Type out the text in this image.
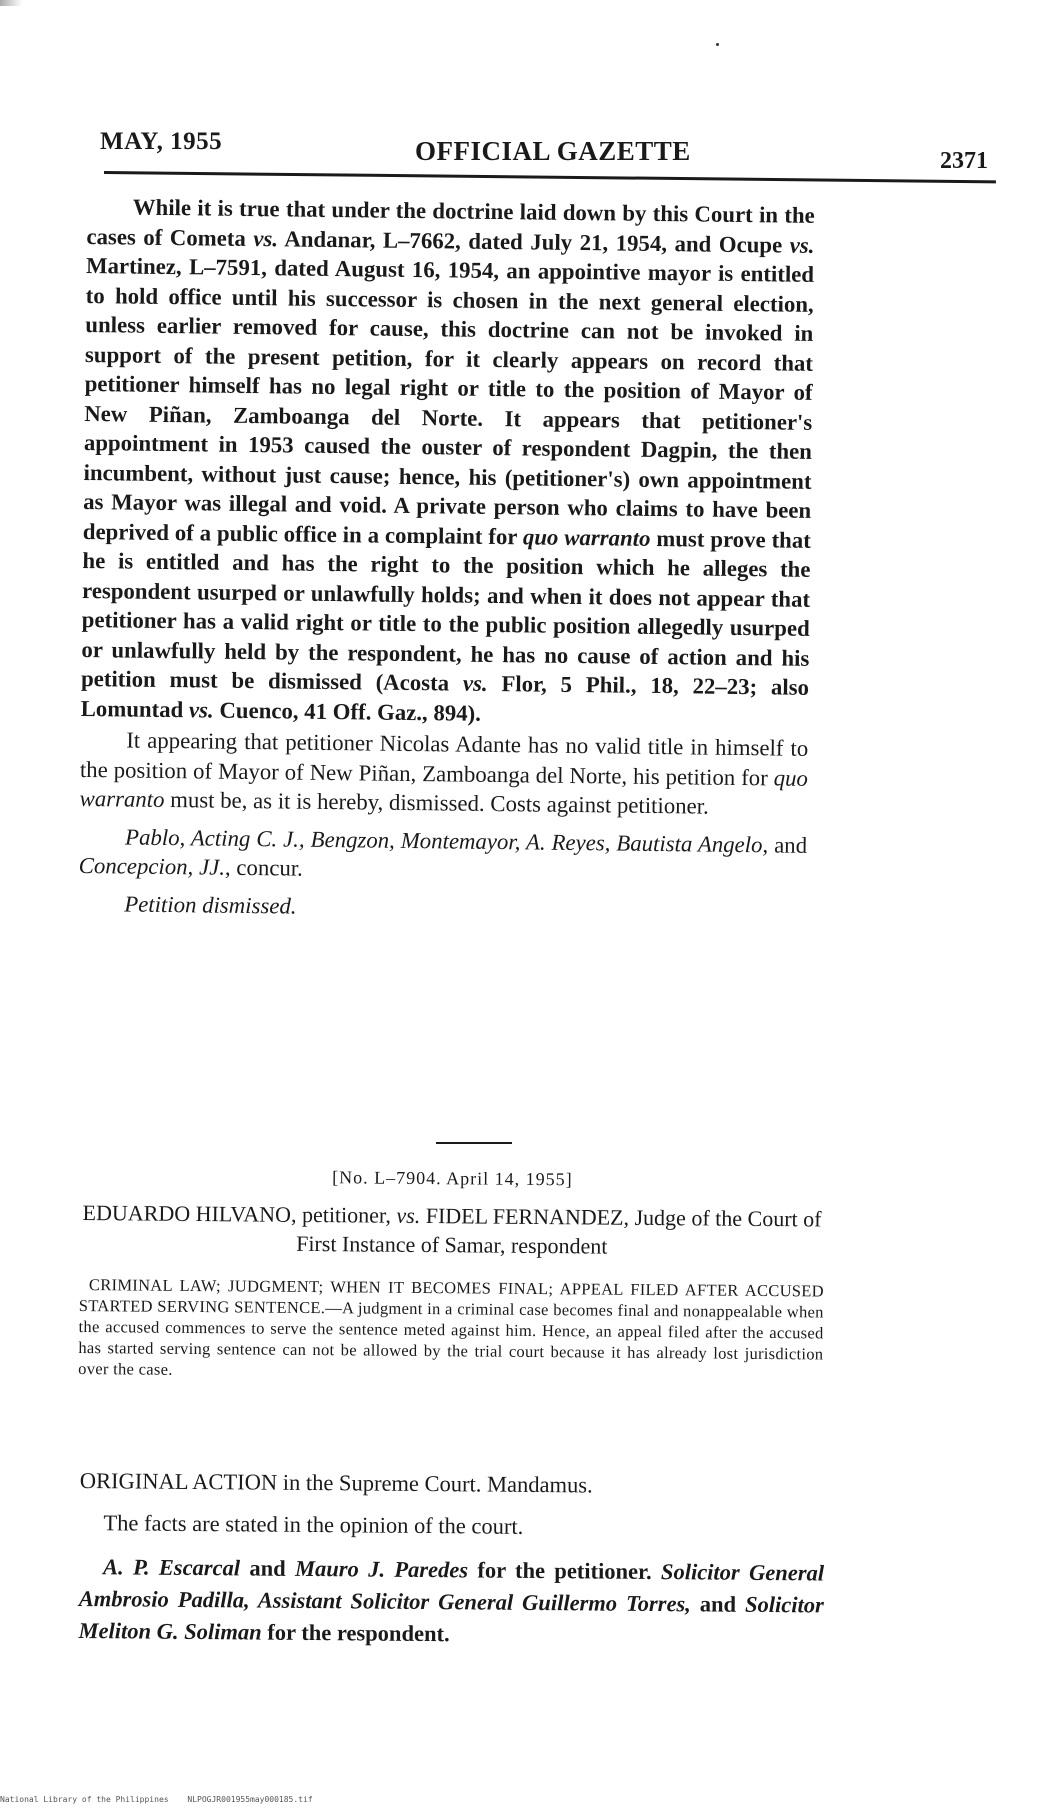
MAY, 1955	OFFICIAL GAZETTE	2371

While it is true that under the doctrine laid down by this Court in the cases of Cometa vs. Andanar, L–7662, dated July 21, 1954, and Ocupe vs. Martinez, L–7591, dated August 16, 1954, an appointive mayor is entitled to hold office until his successor is chosen in the next general election, unless earlier removed for cause, this doctrine can not be invoked in support of the present petition, for it clearly appears on record that petitioner himself has no legal right or title to the position of Mayor of New Piñan, Zamboanga del Norte. It appears that petitioner's appointment in 1953 caused the ouster of respondent Dagpin, the then incumbent, without just cause; hence, his (petitioner's) own appointment as Mayor was illegal and void. A private person who claims to have been deprived of a public office in a complaint for quo warranto must prove that he is entitled and has the right to the position which he alleges the respondent usurped or unlawfully holds; and when it does not appear that petitioner has a valid right or title to the public position allegedly usurped or unlawfully held by the respondent, he has no cause of action and his petition must be dismissed (Acosta vs. Flor, 5 Phil., 18, 22–23; also Lomuntad vs. Cuenco, 41 Off. Gaz., 894).

It appearing that petitioner Nicolas Adante has no valid title in himself to the position of Mayor of New Piñan, Zamboanga del Norte, his petition for quo warranto must be, as it is hereby, dismissed. Costs against petitioner.

Pablo, Acting C. J., Bengzon, Montemayor, A. Reyes, Bautista Angelo, and Concepcion, JJ., concur.

Petition dismissed.

[No. L–7904. April 14, 1955]

EDUARDO HILVANO, petitioner, vs. FIDEL FERNANDEZ, Judge of the Court of First Instance of Samar, respondent

CRIMINAL LAW; JUDGMENT; WHEN IT BECOMES FINAL; APPEAL FILED AFTER ACCUSED STARTED SERVING SENTENCE.—A judgment in a criminal case becomes final and nonappealable when the accused commences to serve the sentence meted against him. Hence, an appeal filed after the accused has started serving sentence can not be allowed by the trial court because it has already lost jurisdiction over the case.

ORIGINAL ACTION in the Supreme Court. Mandamus.

The facts are stated in the opinion of the court.

A. P. Escarcal and Mauro J. Paredes for the petitioner. Solicitor General Ambrosio Padilla, Assistant Solicitor General Guillermo Torres, and Solicitor Meliton G. Soliman for the respondent.

National Library of the Philippines NLPOGJR001955may000185.tif
